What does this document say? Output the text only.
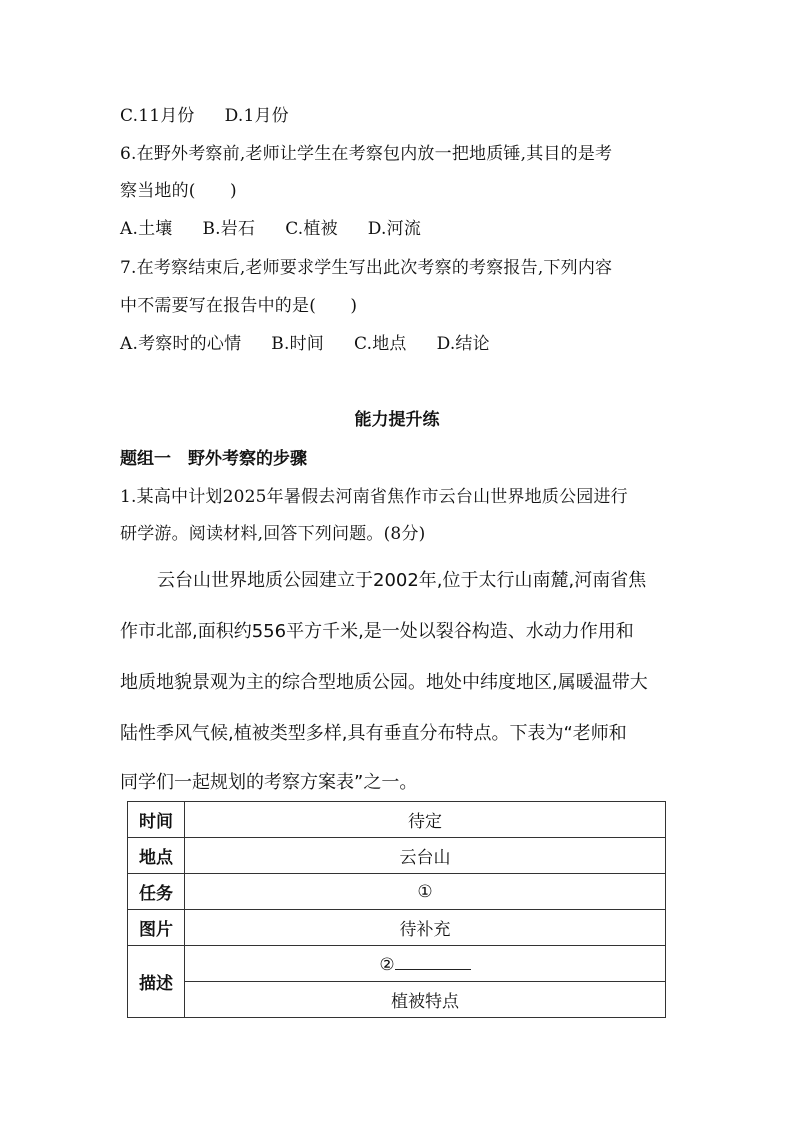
C.11月份 D.1月份
6.在野外考察前,老师让学生在考察包内放一把地质锤,其目的是考
察当地的(　　)
A.土壤 B.岩石 C.植被 D.河流
7.在考察结束后,老师要求学生写出此次考察的考察报告,下列内容
中不需要写在报告中的是(　　)
A.考察时的心情 B.时间 C.地点 D.结论
能力提升练
题组一　野外考察的步骤
1.某高中计划2025年暑假去河南省焦作市云台山世界地质公园进行
研学游。阅读材料,回答下列问题。(8分)
云台山世界地质公园建立于2002年,位于太行山南麓,河南省焦
作市北部,面积约556平方千米,是一处以裂谷构造、水动力作用和
地质地貌景观为主的综合型地质公园。地处中纬度地区,属暖温带大
陆性季风气候,植被类型多样,具有垂直分布特点。下表为“老师和
同学们一起规划的考察方案表”之一。
时间	待定
地点	云台山
任务	①
图片	待补充
描述	②
	植被特点
